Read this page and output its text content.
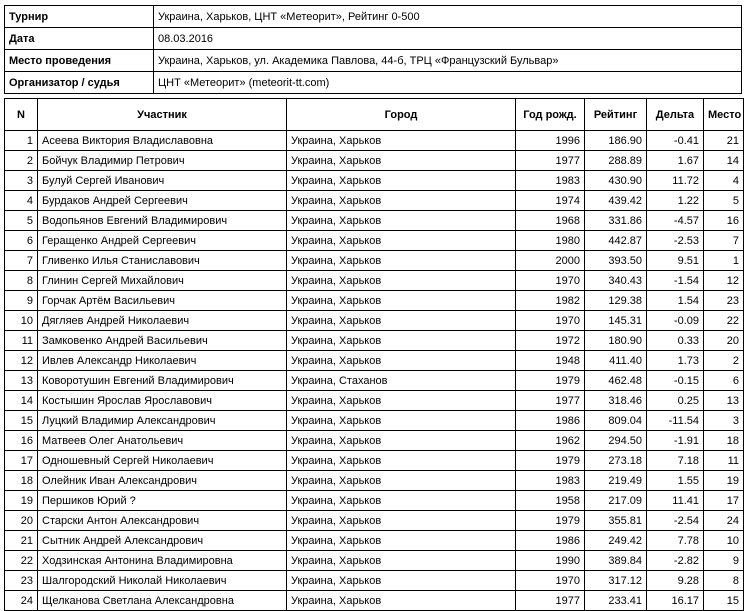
Турнир	Украина, Харьков, ЦНТ «Метеорит», Рейтинг 0-500
Дата	08.03.2016
Место проведения	Украина, Харьков, ул. Академика Павлова, 44-б, ТРЦ «Французский Бульвар»
Организатор / судья	ЦНТ «Метеорит» (meteorit-tt.com)
N	Участник	Город	Год рожд.	Рейтинг	Дельта	Место
1	Асеева Виктория Владиславовна	Украина, Харьков	1996	186.90	-0.41	21
2	Бойчук Владимир Петрович	Украина, Харьков	1977	288.89	1.67	14
3	Булуй Сергей Иванович	Украина, Харьков	1983	430.90	11.72	4
4	Бурдаков Андрей Сергеевич	Украина, Харьков	1974	439.42	1.22	5
5	Водопьянов Евгений Владимирович	Украина, Харьков	1968	331.86	-4.57	16
6	Геращенко Андрей Сергеевич	Украина, Харьков	1980	442.87	-2.53	7
7	Гливенко Илья Станиславович	Украина, Харьков	2000	393.50	9.51	1
8	Глинин Сергей Михайлович	Украина, Харьков	1970	340.43	-1.54	12
9	Горчак Артём Васильевич	Украина, Харьков	1982	129.38	1.54	23
10	Дягляев Андрей Николаевич	Украина, Харьков	1970	145.31	-0.09	22
11	Замковенко Андрей Васильевич	Украина, Харьков	1972	180.90	0.33	20
12	Ивлев Александр Николаевич	Украина, Харьков	1948	411.40	1.73	2
13	Коворотушин Евгений Владимирович	Украина, Стаханов	1979	462.48	-0.15	6
14	Костышин Ярослав Ярославович	Украина, Харьков	1977	318.46	0.25	13
15	Луцкий Владимир Александрович	Украина, Харьков	1986	809.04	-11.54	3
16	Матвеев Олег Анатольевич	Украина, Харьков	1962	294.50	-1.91	18
17	Одношевный Сергей Николаевич	Украина, Харьков	1979	273.18	7.18	11
18	Олейник Иван Александрович	Украина, Харьков	1983	219.49	1.55	19
19	Першиков Юрий ?	Украина, Харьков	1958	217.09	11.41	17
20	Старски Антон Александрович	Украина, Харьков	1979	355.81	-2.54	24
21	Сытник Андрей Александрович	Украина, Харьков	1986	249.42	7.78	10
22	Ходзинская Антонина Владимировна	Украина, Харьков	1990	389.84	-2.82	9
23	Шалгородский Николай Николаевич	Украина, Харьков	1970	317.12	9.28	8
24	Щелканова Светлана Александровна	Украина, Харьков	1977	233.41	16.17	15
